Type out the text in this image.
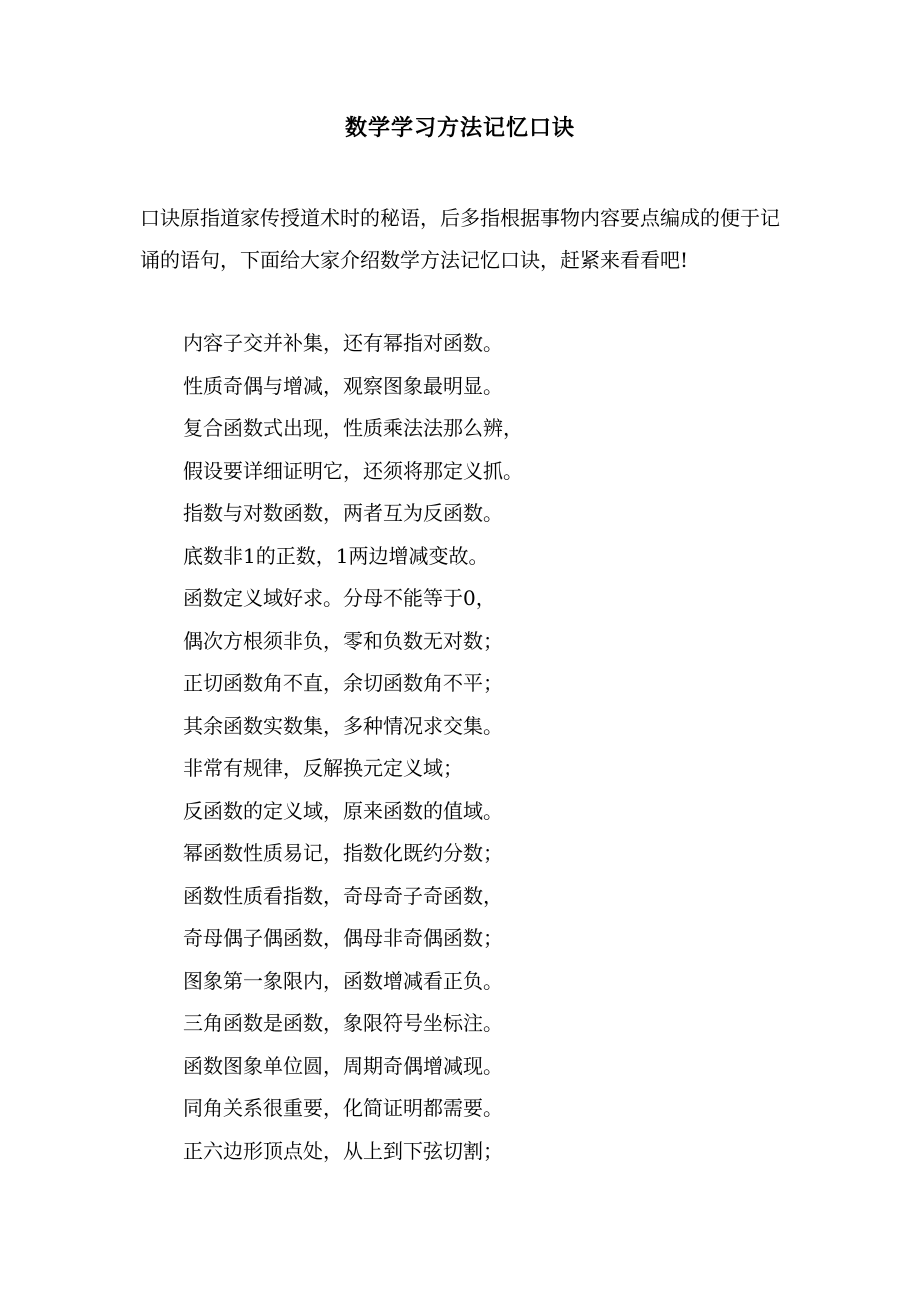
数学学习方法记忆口诀

口诀原指道家传授道术时的秘语，后多指根据事物内容要点编成的便于记诵的语句，下面给大家介绍数学方法记忆口诀，赶紧来看看吧!

内容子交并补集，还有幂指对函数。
性质奇偶与增减，观察图象最明显。
复合函数式出现，性质乘法法那么辨，
假设要详细证明它，还须将那定义抓。
指数与对数函数，两者互为反函数。
底数非1的正数，1两边增减变故。
函数定义域好求。分母不能等于0，
偶次方根须非负，零和负数无对数；
正切函数角不直，余切函数角不平；
其余函数实数集，多种情况求交集。
非常有规律，反解换元定义域；
反函数的定义域，原来函数的值域。
幂函数性质易记，指数化既约分数；
函数性质看指数，奇母奇子奇函数，
奇母偶子偶函数，偶母非奇偶函数；
图象第一象限内，函数增减看正负。
三角函数是函数，象限符号坐标注。
函数图象单位圆，周期奇偶增减现。
同角关系很重要，化简证明都需要。
正六边形顶点处，从上到下弦切割；
